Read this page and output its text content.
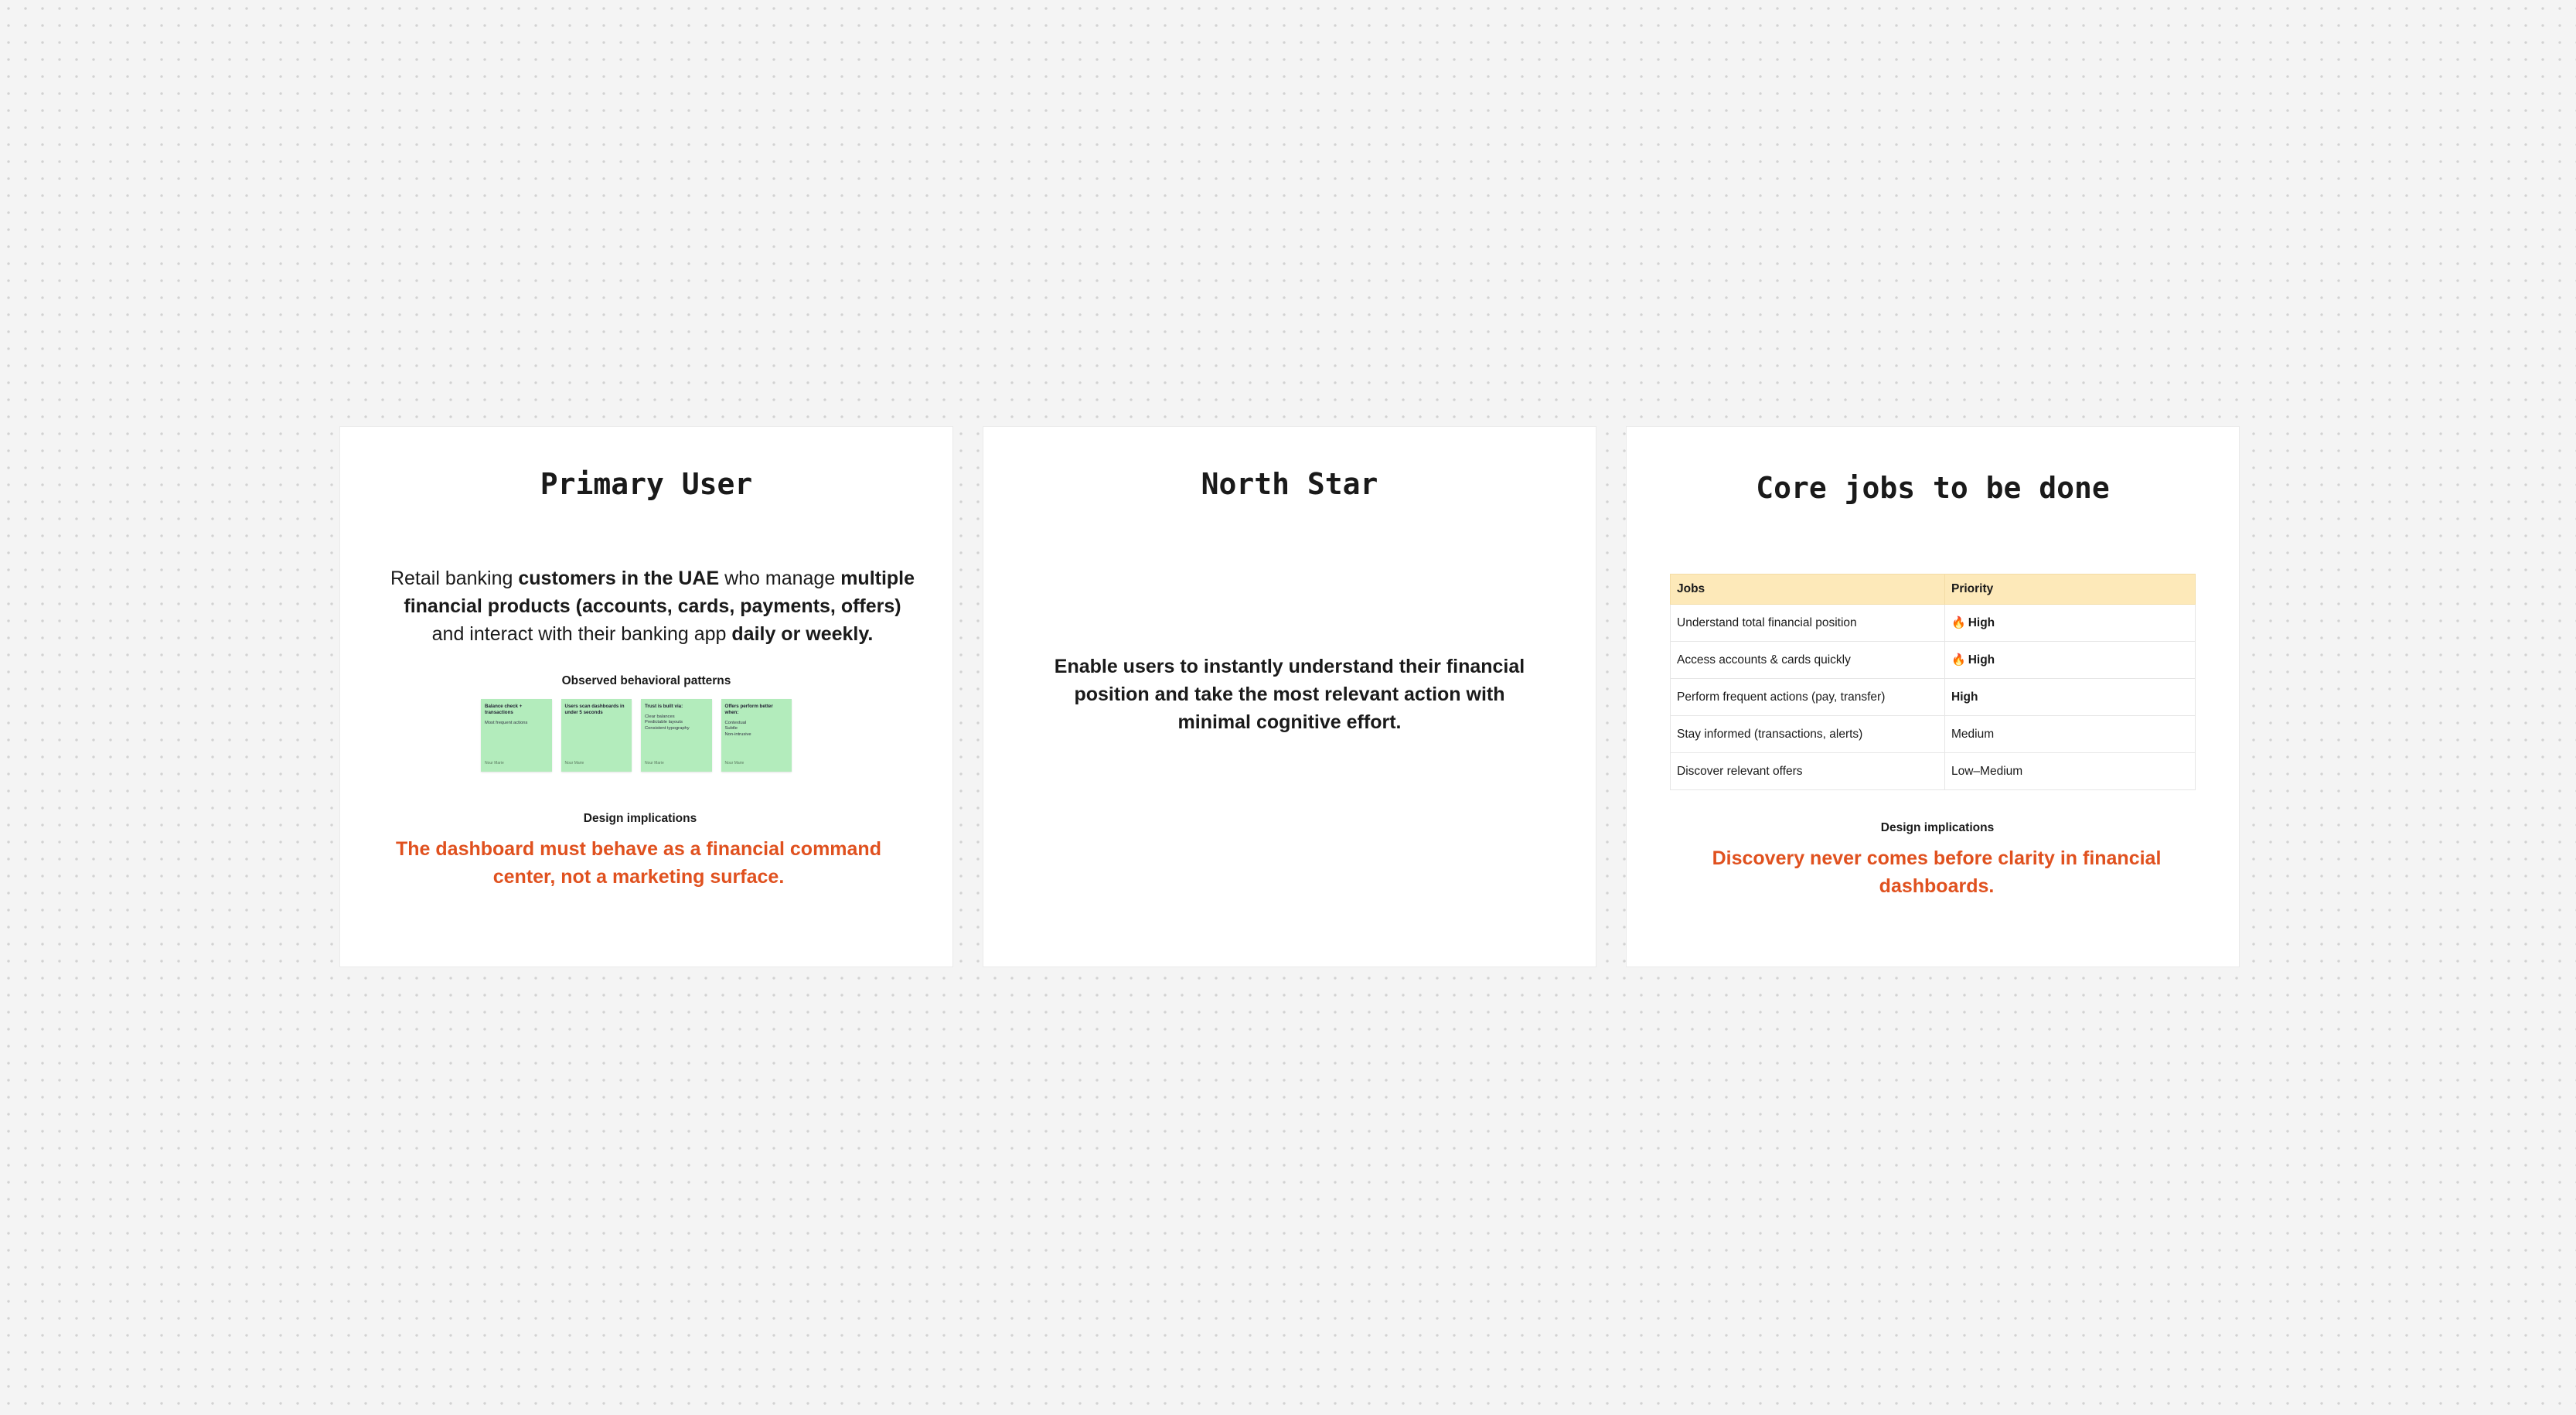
Primary User

Retail banking customers in the UAE who manage multiple financial products (accounts, cards, payments, offers) and interact with their banking app daily or weekly.

Observed behavioral patterns
Balance check + transactions
Most frequent actions
Nour Marie
Users scan dashboards in under 5 seconds
Nour Marie
Trust is built via:
Clear balances
Predictable layouts
Consistent typography
Nour Marie
Offers perform better when:
Contextual
Subtle
Non-intrusive
Nour Marie
Design implications

The dashboard must behave as a financial command center, not a marketing surface.

North Star

Enable users to instantly understand their financial position and take the most relevant action with minimal cognitive effort.

Core jobs to be done
Jobs	Priority
Understand total financial position	🔥 High
Access accounts & cards quickly	🔥 High
Perform frequent actions (pay, transfer)	High
Stay informed (transactions, alerts)	Medium
Discover relevant offers	Low–Medium
Design implications

Discovery never comes before clarity in financial dashboards.
